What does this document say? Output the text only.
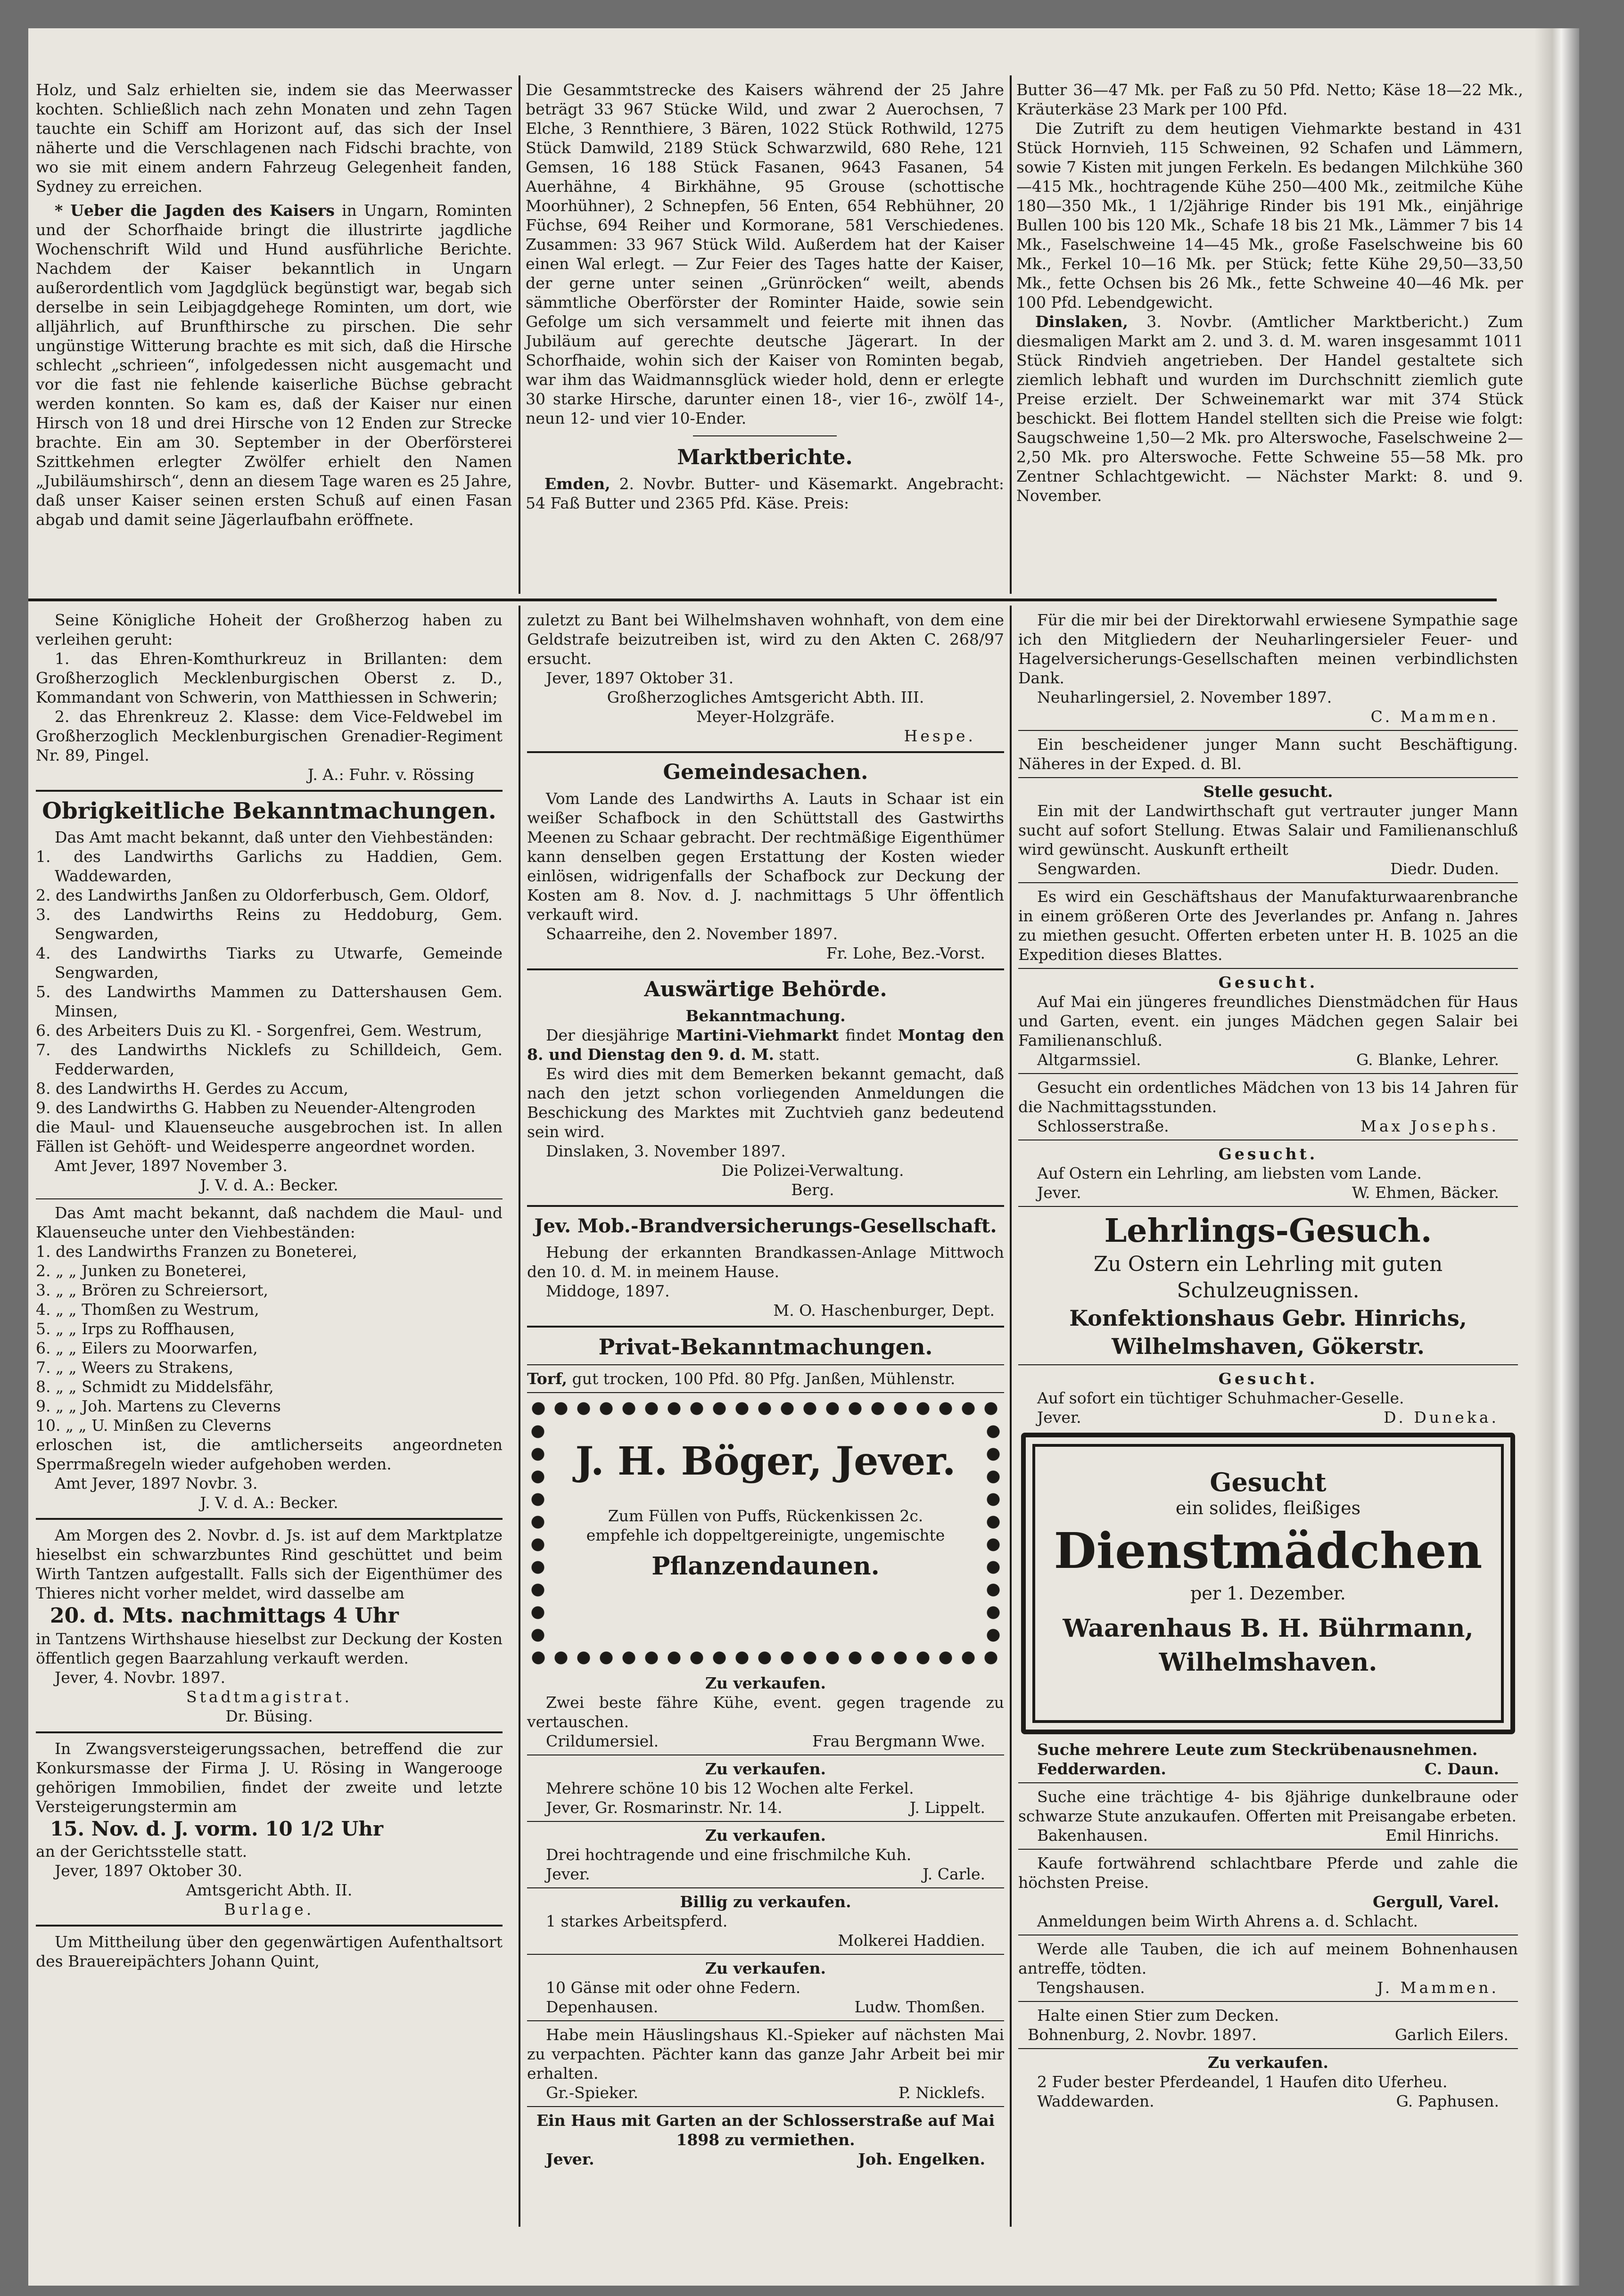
Holz, und Salz erhielten sie, indem sie das Meerwasser kochten. Schließlich nach zehn Monaten und zehn Tagen tauchte ein Schiff am Horizont auf, das sich der Insel näherte und die Verschlagenen nach Fidschi brachte, von wo sie mit einem andern Fahrzeug Gelegenheit fanden, Sydney zu erreichen.

* Ueber die Jagden des Kaisers in Ungarn, Rominten und der Schorfhaide bringt die illustrirte jagdliche Wochenschrift Wild und Hund ausführliche Berichte. Nachdem der Kaiser bekanntlich in Ungarn außerordentlich vom Jagdglück begünstigt war, begab sich derselbe in sein Leibjagdgehege Rominten, um dort, wie alljährlich, auf Brunfthirsche zu pirschen. Die sehr ungünstige Witterung brachte es mit sich, daß die Hirsche schlecht „schrieen“, infolgedessen nicht ausgemacht und vor die fast nie fehlende kaiserliche Büchse gebracht werden konnten. So kam es, daß der Kaiser nur einen Hirsch von 18 und drei Hirsche von 12 Enden zur Strecke brachte. Ein am 30. September in der Oberförsterei Szittkehmen erlegter Zwölfer erhielt den Namen „Jubiläumshirsch“, denn an diesem Tage waren es 25 Jahre, daß unser Kaiser seinen ersten Schuß auf einen Fasan abgab und damit seine Jägerlaufbahn eröffnete.

Die Gesammtstrecke des Kaisers während der 25 Jahre beträgt 33 967 Stücke Wild, und zwar 2 Auerochsen, 7 Elche, 3 Rennthiere, 3 Bären, 1022 Stück Rothwild, 1275 Stück Damwild, 2189 Stück Schwarzwild, 680 Rehe, 121 Gemsen, 16 188 Stück Fasanen, 9643 Fasanen, 54 Auerhähne, 4 Birkhähne, 95 Grouse (schottische Moorhühner), 2 Schnepfen, 56 Enten, 654 Rebhühner, 20 Füchse, 694 Reiher und Kormorane, 581 Verschiedenes. Zusammen: 33 967 Stück Wild. Außerdem hat der Kaiser einen Wal erlegt. — Zur Feier des Tages hatte der Kaiser, der gerne unter seinen „Grünröcken“ weilt, abends sämmtliche Oberförster der Rominter Haide, sowie sein Gefolge um sich versammelt und feierte mit ihnen das Jubiläum auf gerechte deutsche Jägerart. In der Schorfhaide, wohin sich der Kaiser von Rominten begab, war ihm das Waidmannsglück wieder hold, denn er erlegte 30 starke Hirsche, darunter einen 18-, vier 16-, zwölf 14-, neun 12- und vier 10-Ender.

Marktberichte.

Emden, 2. Novbr. Butter- und Käsemarkt. Angebracht: 54 Faß Butter und 2365 Pfd. Käse. Preis:

Butter 36—47 Mk. per Faß zu 50 Pfd. Netto; Käse 18—22 Mk., Kräuterkäse 23 Mark per 100 Pfd.

Die Zutrift zu dem heutigen Viehmarkte bestand in 431 Stück Hornvieh, 115 Schweinen, 92 Schafen und Lämmern, sowie 7 Kisten mit jungen Ferkeln. Es bedangen Milchkühe 360—415 Mk., hochtragende Kühe 250—400 Mk., zeitmilche Kühe 180—350 Mk., 1 1/2jährige Rinder bis 191 Mk., einjährige Bullen 100 bis 120 Mk., Schafe 18 bis 21 Mk., Lämmer 7 bis 14 Mk., Faselschweine 14—45 Mk., große Faselschweine bis 60 Mk., Ferkel 10—16 Mk. per Stück; fette Kühe 29,50—33,50 Mk., fette Ochsen bis 26 Mk., fette Schweine 40—46 Mk. per 100 Pfd. Lebendgewicht.

Dinslaken, 3. Novbr. (Amtlicher Marktbericht.) Zum diesmaligen Markt am 2. und 3. d. M. waren insgesammt 1011 Stück Rindvieh angetrieben. Der Handel gestaltete sich ziemlich lebhaft und wurden im Durchschnitt ziemlich gute Preise erzielt. Der Schweinemarkt war mit 374 Stück beschickt. Bei flottem Handel stellten sich die Preise wie folgt: Saugschweine 1,50—2 Mk. pro Alterswoche, Faselschweine 2—2,50 Mk. pro Alterswoche. Fette Schweine 55—58 Mk. pro Zentner Schlachtgewicht. — Nächster Markt: 8. und 9. November.

Seine Königliche Hoheit der Großherzog haben zu verleihen geruht:

1. das Ehren-Komthurkreuz in Brillanten: dem Großherzoglich Mecklenburgischen Oberst z. D., Kommandant von Schwerin, von Matthiessen in Schwerin;

2. das Ehrenkreuz 2. Klasse: dem Vice-Feldwebel im Großherzoglich Mecklenburgischen Grenadier-Regiment Nr. 89, Pingel.

J. A.: Fuhr. v. Rössing

Obrigkeitliche Bekanntmachungen.

Das Amt macht bekannt, daß unter den Viehbeständen:

1. des Landwirths Garlichs zu Haddien, Gem. Waddewarden,

2. des Landwirths Janßen zu Oldorferbusch, Gem. Oldorf,

3. des Landwirths Reins zu Heddoburg, Gem. Sengwarden,

4. des Landwirths Tiarks zu Utwarfe, Gemeinde Sengwarden,

5. des Landwirths Mammen zu Dattershausen Gem. Minsen,

6. des Arbeiters Duis zu Kl. - Sorgenfrei, Gem. Westrum,

7. des Landwirths Nicklefs zu Schilldeich, Gem. Fedderwarden,

8. des Landwirths H. Gerdes zu Accum,

9. des Landwirths G. Habben zu Neuender-Altengroden

die Maul- und Klauenseuche ausgebrochen ist. In allen Fällen ist Gehöft- und Weidesperre angeordnet worden.

Amt Jever, 1897 November 3.

J. V. d. A.: Becker.

Das Amt macht bekannt, daß nachdem die Maul- und Klauenseuche unter den Viehbeständen:

1. des Landwirths Franzen zu Boneterei,

2. „ „ Junken zu Boneterei,

3. „ „ Brören zu Schreiersort,

4. „ „ Thomßen zu Westrum,

5. „ „ Irps zu Roffhausen,

6. „ „ Eilers zu Moorwarfen,

7. „ „ Weers zu Strakens,

8. „ „ Schmidt zu Middelsfähr,

9. „ „ Joh. Martens zu Cleverns

10. „ „ U. Minßen zu Cleverns

erloschen ist, die amtlicherseits angeordneten Sperrmaßregeln wieder aufgehoben werden.

Amt Jever, 1897 Novbr. 3.

J. V. d. A.: Becker.

Am Morgen des 2. Novbr. d. Js. ist auf dem Marktplatze hieselbst ein schwarzbuntes Rind geschüttet und beim Wirth Tantzen aufgestallt. Falls sich der Eigenthümer des Thieres nicht vorher meldet, wird dasselbe am

20. d. Mts. nachmittags 4 Uhr

in Tantzens Wirthshause hieselbst zur Deckung der Kosten öffentlich gegen Baarzahlung verkauft werden.

Jever, 4. Novbr. 1897.

Stadtmagistrat.

Dr. Büsing.

In Zwangsversteigerungssachen, betreffend die zur Konkursmasse der Firma J. U. Rösing in Wangerooge gehörigen Immobilien, findet der zweite und letzte Versteigerungstermin am

15. Nov. d. J. vorm. 10 1/2 Uhr

an der Gerichtsstelle statt.

Jever, 1897 Oktober 30.

Amtsgericht Abth. II.

Burlage.

Um Mittheilung über den gegenwärtigen Aufenthaltsort des Brauereipächters Johann Quint,

zuletzt zu Bant bei Wilhelmshaven wohnhaft, von dem eine Geldstrafe beizutreiben ist, wird zu den Akten C. 268/97 ersucht.

Jever, 1897 Oktober 31.

Großherzogliches Amtsgericht Abth. III.

Meyer-Holzgräfe.

Hespe.

Gemeindesachen.

Vom Lande des Landwirths A. Lauts in Schaar ist ein weißer Schafbock in den Schüttstall des Gastwirths Meenen zu Schaar gebracht. Der rechtmäßige Eigenthümer kann denselben gegen Erstattung der Kosten wieder einlösen, widrigenfalls der Schafbock zur Deckung der Kosten am 8. Nov. d. J. nachmittags 5 Uhr öffentlich verkauft wird.

Schaarreihe, den 2. November 1897.

Fr. Lohe, Bez.-Vorst.

Auswärtige Behörde.

Bekanntmachung.

Der diesjährige Martini-Viehmarkt findet Montag den 8. und Dienstag den 9. d. M. statt.

Es wird dies mit dem Bemerken bekannt gemacht, daß nach den jetzt schon vorliegenden Anmeldungen die Beschickung des Marktes mit Zuchtvieh ganz bedeutend sein wird.

Dinslaken, 3. November 1897.

Die Polizei-Verwaltung.

Berg.

Jev. Mob.-Brandversicherungs-Gesellschaft.

Hebung der erkannten Brandkassen-Anlage Mittwoch den 10. d. M. in meinem Hause.

Middoge, 1897.

M. O. Haschenburger, Dept.

Privat-Bekanntmachungen.

Torf, gut trocken, 100 Pfd. 80 Pfg. Janßen, Mühlenstr.

J. H. Böger, Jever.
Zum Füllen von Puffs, Rückenkissen 2c.
empfehle ich doppeltgereinigte, ungemischte
Pflanzendaunen.

Zu verkaufen.

Zwei beste fähre Kühe, event. gegen tragende zu vertauschen.

Crildumersiel.	Frau Bergmann Wwe.

Zu verkaufen.

Mehrere schöne 10 bis 12 Wochen alte Ferkel.

Jever, Gr. Rosmarinstr. Nr. 14.	J. Lippelt.

Zu verkaufen.

Drei hochtragende und eine frischmilche Kuh.

Jever.	J. Carle.

Billig zu verkaufen.

1 starkes Arbeitspferd.

Molkerei Haddien.

Zu verkaufen.

10 Gänse mit oder ohne Federn.

Depenhausen.	Ludw. Thomßen.

Habe mein Häuslingshaus Kl.-Spieker auf nächsten Mai zu verpachten. Pächter kann das ganze Jahr Arbeit bei mir erhalten.

Gr.-Spieker.	P. Nicklefs.

Ein Haus mit Garten an der Schlosserstraße auf Mai 1898 zu vermiethen.

Jever.	Joh. Engelken.

Für die mir bei der Direktorwahl erwiesene Sympathie sage ich den Mitgliedern der Neuharlingersieler Feuer- und Hagelversicherungs-Gesellschaften meinen verbindlichsten Dank.

Neuharlingersiel, 2. November 1897.

C. Mammen.

Ein bescheidener junger Mann sucht Beschäftigung. Näheres in der Exped. d. Bl.

Stelle gesucht.

Ein mit der Landwirthschaft gut vertrauter junger Mann sucht auf sofort Stellung. Etwas Salair und Familienanschluß wird gewünscht. Auskunft ertheilt

Sengwarden.	Diedr. Duden.

Es wird ein Geschäftshaus der Manufakturwaarenbranche in einem größeren Orte des Jeverlandes pr. Anfang n. Jahres zu miethen gesucht. Offerten erbeten unter H. B. 1025 an die Expedition dieses Blattes.

Gesucht.

Auf Mai ein jüngeres freundliches Dienstmädchen für Haus und Garten, event. ein junges Mädchen gegen Salair bei Familienanschluß.

Altgarmssiel.	G. Blanke, Lehrer.

Gesucht ein ordentliches Mädchen von 13 bis 14 Jahren für die Nachmittagsstunden.

Schlosserstraße.	Max Josephs.

Gesucht.

Auf Ostern ein Lehrling, am liebsten vom Lande.

Jever.	W. Ehmen, Bäcker.

Lehrlings-Gesuch.

Zu Ostern ein Lehrling mit guten Schulzeugnissen.

Konfektionshaus Gebr. Hinrichs,

Wilhelmshaven, Gökerstr.

Gesucht.

Auf sofort ein tüchtiger Schuhmacher-Geselle.

Jever.	D. Duneka.

Gesucht
ein solides, fleißiges
Dienstmädchen
per 1. Dezember.
Waarenhaus B. H. Bührmann,
Wilhelmshaven.

Suche mehrere Leute zum Steckrübenausnehmen.

Fedderwarden.	C. Daun.

Suche eine trächtige 4- bis 8jährige dunkelbraune oder schwarze Stute anzukaufen. Offerten mit Preisangabe erbeten.

Bakenhausen.	Emil Hinrichs.

Kaufe fortwährend schlachtbare Pferde und zahle die höchsten Preise.

Gergull, Varel.

Anmeldungen beim Wirth Ahrens a. d. Schlacht.

Werde alle Tauben, die ich auf meinem Bohnenhausen antreffe, tödten.

Tengshausen.	J. Mammen.

Halte einen Stier zum Decken.

Bohnenburg, 2. Novbr. 1897.	Garlich Eilers.

Zu verkaufen.

2 Fuder bester Pferdeandel, 1 Haufen dito Uferheu.

Waddewarden.	G. Paphusen.
